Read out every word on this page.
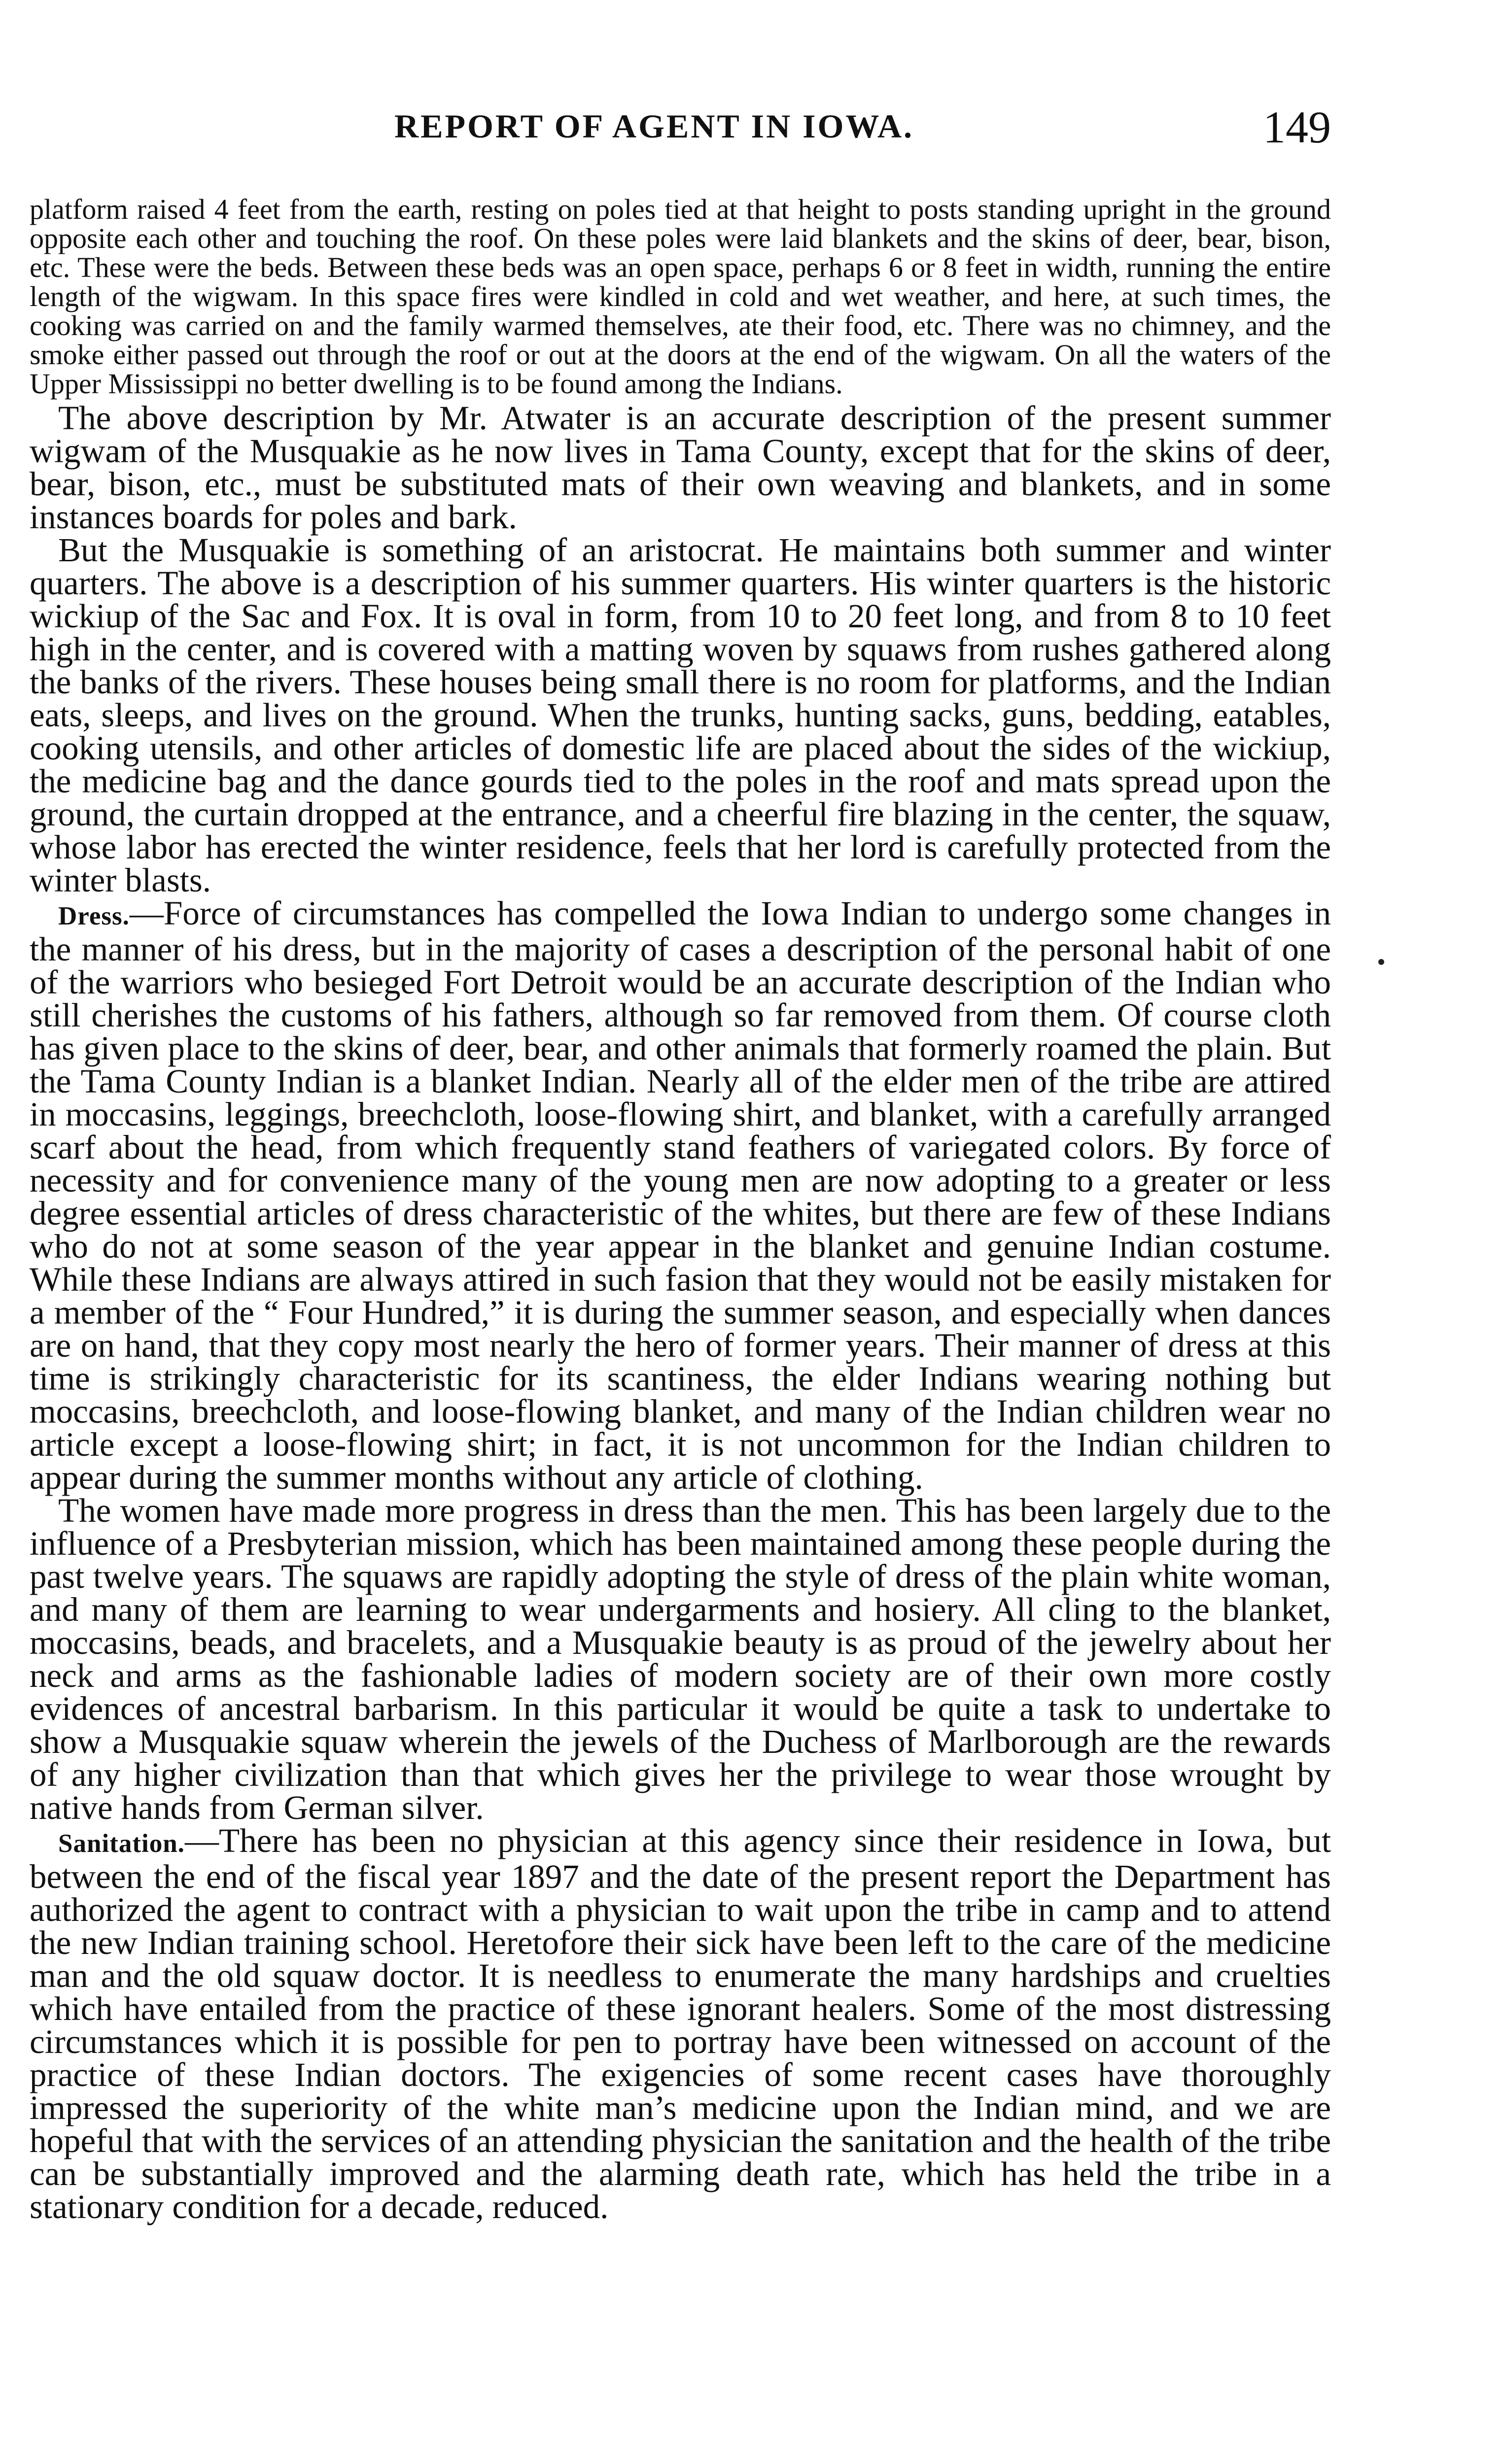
REPORT OF AGENT IN IOWA.	149

platform raised 4 feet from the earth, resting on poles tied at that height to posts standing upright in the ground opposite each other and touching the roof. On these poles were laid blankets and the skins of deer, bear, bison, etc. These were the beds. Between these beds was an open space, perhaps 6 or 8 feet in width, running the entire length of the wigwam. In this space fires were kindled in cold and wet weather, and here, at such times, the cooking was carried on and the family warmed themselves, ate their food, etc. There was no chimney, and the smoke either passed out through the roof or out at the doors at the end of the wigwam. On all the waters of the Upper Mississippi no better dwelling is to be found among the Indians.

The above description by Mr. Atwater is an accurate description of the present summer wigwam of the Musquakie as he now lives in Tama County, except that for the skins of deer, bear, bison, etc., must be substituted mats of their own weaving and blankets, and in some instances boards for poles and bark.

But the Musquakie is something of an aristocrat. He maintains both summer and winter quarters. The above is a description of his summer quarters. His winter quarters is the historic wickiup of the Sac and Fox. It is oval in form, from 10 to 20 feet long, and from 8 to 10 feet high in the center, and is covered with a matting woven by squaws from rushes gathered along the banks of the rivers. These houses being small there is no room for platforms, and the Indian eats, sleeps, and lives on the ground. When the trunks, hunting sacks, guns, bedding, eatables, cooking utensils, and other articles of domestic life are placed about the sides of the wickiup, the medicine bag and the dance gourds tied to the poles in the roof and mats spread upon the ground, the curtain dropped at the entrance, and a cheerful fire blazing in the center, the squaw, whose labor has erected the winter residence, feels that her lord is carefully protected from the winter blasts.

Dress.—Force of circumstances has compelled the Iowa Indian to undergo some changes in the manner of his dress, but in the majority of cases a description of the personal habit of one of the warriors who besieged Fort Detroit would be an accurate description of the Indian who still cherishes the customs of his fathers, although so far removed from them. Of course cloth has given place to the skins of deer, bear, and other animals that formerly roamed the plain. But the Tama County Indian is a blanket Indian. Nearly all of the elder men of the tribe are attired in moccasins, leggings, breechcloth, loose-flowing shirt, and blanket, with a carefully arranged scarf about the head, from which frequently stand feathers of variegated colors. By force of necessity and for convenience many of the young men are now adopting to a greater or less degree essential articles of dress characteristic of the whites, but there are few of these Indians who do not at some season of the year appear in the blanket and genuine Indian costume. While these Indians are always attired in such fasion that they would not be easily mistaken for a member of the “ Four Hundred,” it is during the summer season, and especially when dances are on hand, that they copy most nearly the hero of former years. Their manner of dress at this time is strikingly characteristic for its scantiness, the elder Indians wearing nothing but moccasins, breechcloth, and loose-flowing blanket, and many of the Indian children wear no article except a loose-flowing shirt; in fact, it is not uncommon for the Indian children to appear during the summer months without any article of clothing.

The women have made more progress in dress than the men. This has been largely due to the influence of a Presbyterian mission, which has been maintained among these people during the past twelve years. The squaws are rapidly adopting the style of dress of the plain white woman, and many of them are learning to wear undergarments and hosiery. All cling to the blanket, moccasins, beads, and bracelets, and a Musquakie beauty is as proud of the jewelry about her neck and arms as the fashionable ladies of modern society are of their own more costly evidences of ancestral barbarism. In this particular it would be quite a task to undertake to show a Musquakie squaw wherein the jewels of the Duchess of Marlborough are the rewards of any higher civilization than that which gives her the privilege to wear those wrought by native hands from German silver.

Sanitation.—There has been no physician at this agency since their residence in Iowa, but between the end of the fiscal year 1897 and the date of the present report the Department has authorized the agent to contract with a physician to wait upon the tribe in camp and to attend the new Indian training school. Heretofore their sick have been left to the care of the medicine man and the old squaw doctor. It is needless to enumerate the many hardships and cruelties which have entailed from the practice of these ignorant healers. Some of the most distressing circumstances which it is possible for pen to portray have been witnessed on account of the practice of these Indian doctors. The exigencies of some recent cases have thoroughly impressed the superiority of the white man’s medicine upon the Indian mind, and we are hopeful that with the services of an attending physician the sanitation and the health of the tribe can be substantially improved and the alarming death rate, which has held the tribe in a stationary condition for a decade, reduced.
